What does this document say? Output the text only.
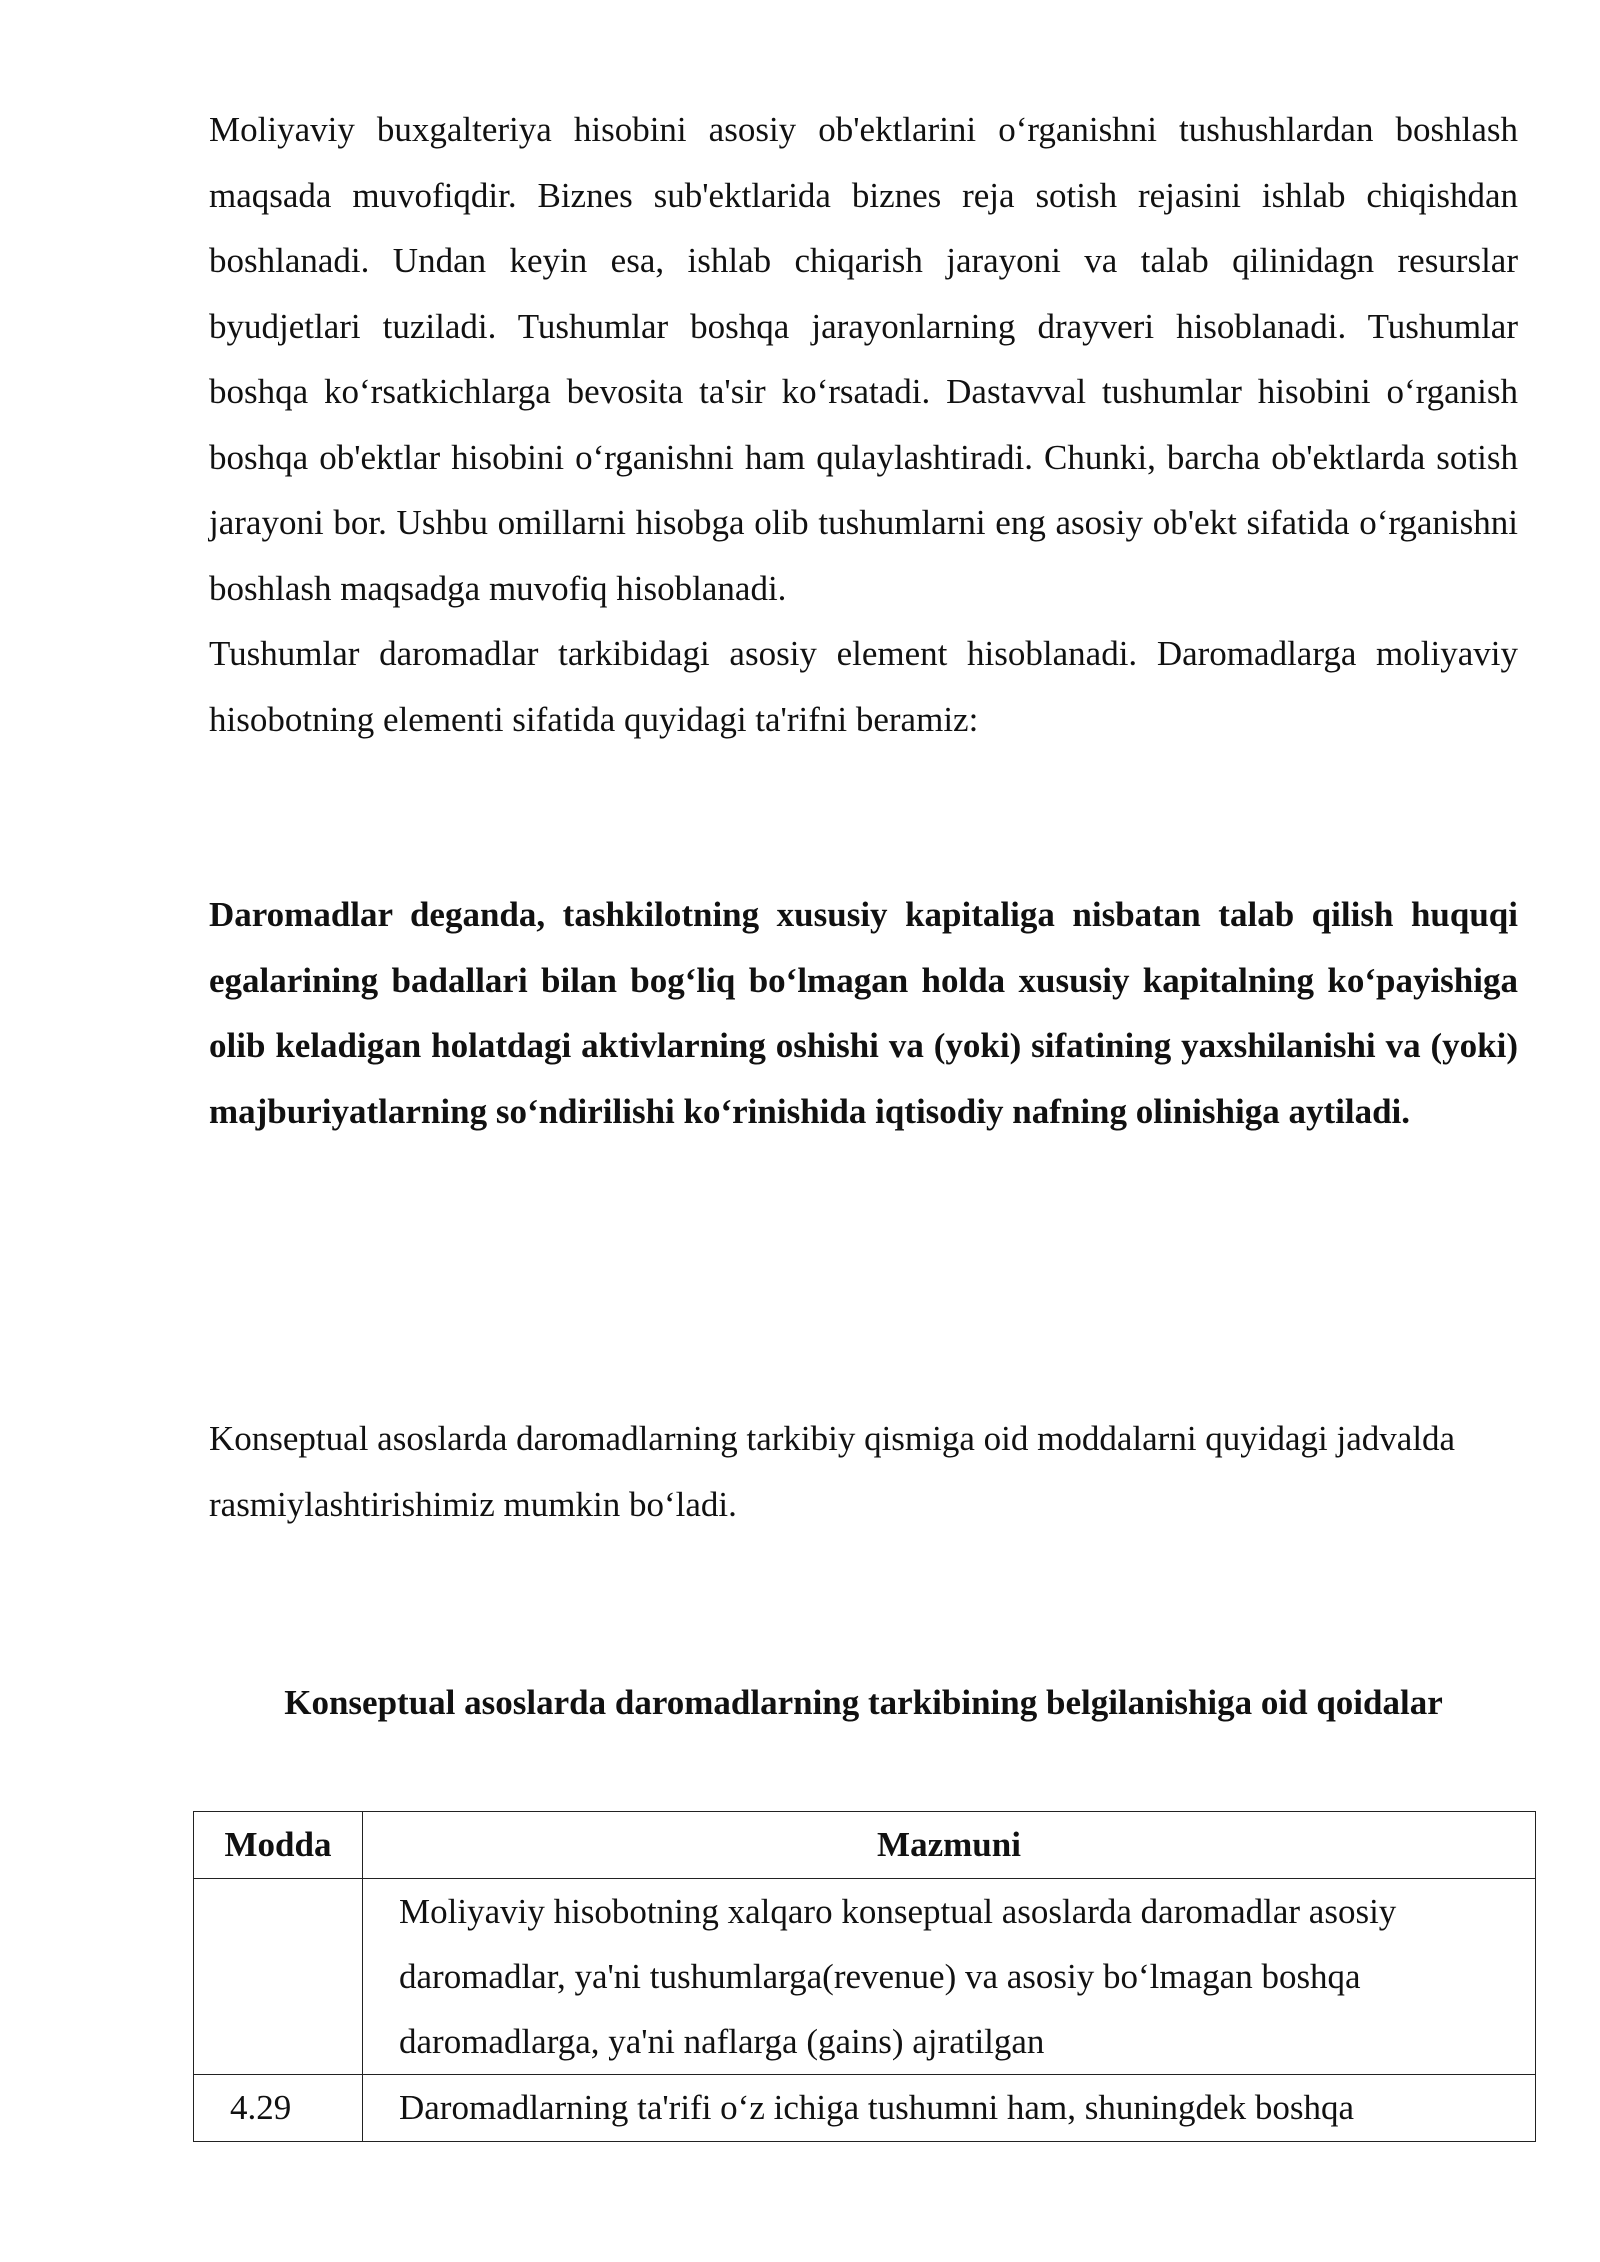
Moliyaviy buxgalteriya hisobini asosiy ob'ektlarini o‘rganishni tushushlardan boshlash maqsada muvofiqdir. Biznes sub'ektlarida biznes reja sotish rejasini ishlab chiqishdan boshlanadi. Undan keyin esa, ishlab chiqarish jarayoni va talab qilinidagn resurslar byudjetlari tuziladi. Tushumlar boshqa jarayonlarning drayveri hisoblanadi. Tushumlar boshqa ko‘rsatkichlarga bevosita ta'sir ko‘rsatadi. Dastavval tushumlar hisobini o‘rganish boshqa ob'ektlar hisobini o‘rganishni ham qulaylashtiradi. Chunki, barcha ob'ektlarda sotish jarayoni bor. Ushbu omillarni hisobga olib tushumlarni eng asosiy ob'ekt sifatida o‘rganishni boshlash maqsadga muvofiq hisoblanadi.

Tushumlar daromadlar tarkibidagi asosiy element hisoblanadi. Daromadlarga moliyaviy hisobotning elementi sifatida quyidagi ta'rifni beramiz:

Daromadlar deganda, tashkilotning xususiy kapitaliga nisbatan talab qilish huquqi egalarining badallari bilan bog‘liq bo‘lmagan holda xususiy kapitalning ko‘payishiga olib keladigan holatdagi aktivlarning oshishi va (yoki) sifatining yaxshilanishi va (yoki) majburiyatlarning so‘ndirilishi ko‘rinishida iqtisodiy nafning olinishiga aytiladi.

Konseptual asoslarda daromadlarning tarkibiy qismiga oid moddalarni quyidagi jadvalda rasmiylashtirishimiz mumkin bo‘ladi.

Konseptual asoslarda daromadlarning tarkibining belgilanishiga oid qoidalar

Modda	Mazmuni
	Moliyaviy hisobotning xalqaro konseptual asoslarda daromadlar asosiy daromadlar, ya'ni tushumlarga(revenue) va asosiy bo‘lmagan boshqa daromadlarga, ya'ni naflarga (gains) ajratilgan
4.29	Daromadlarning ta'rifi o‘z ichiga tushumni ham, shuningdek boshqa
